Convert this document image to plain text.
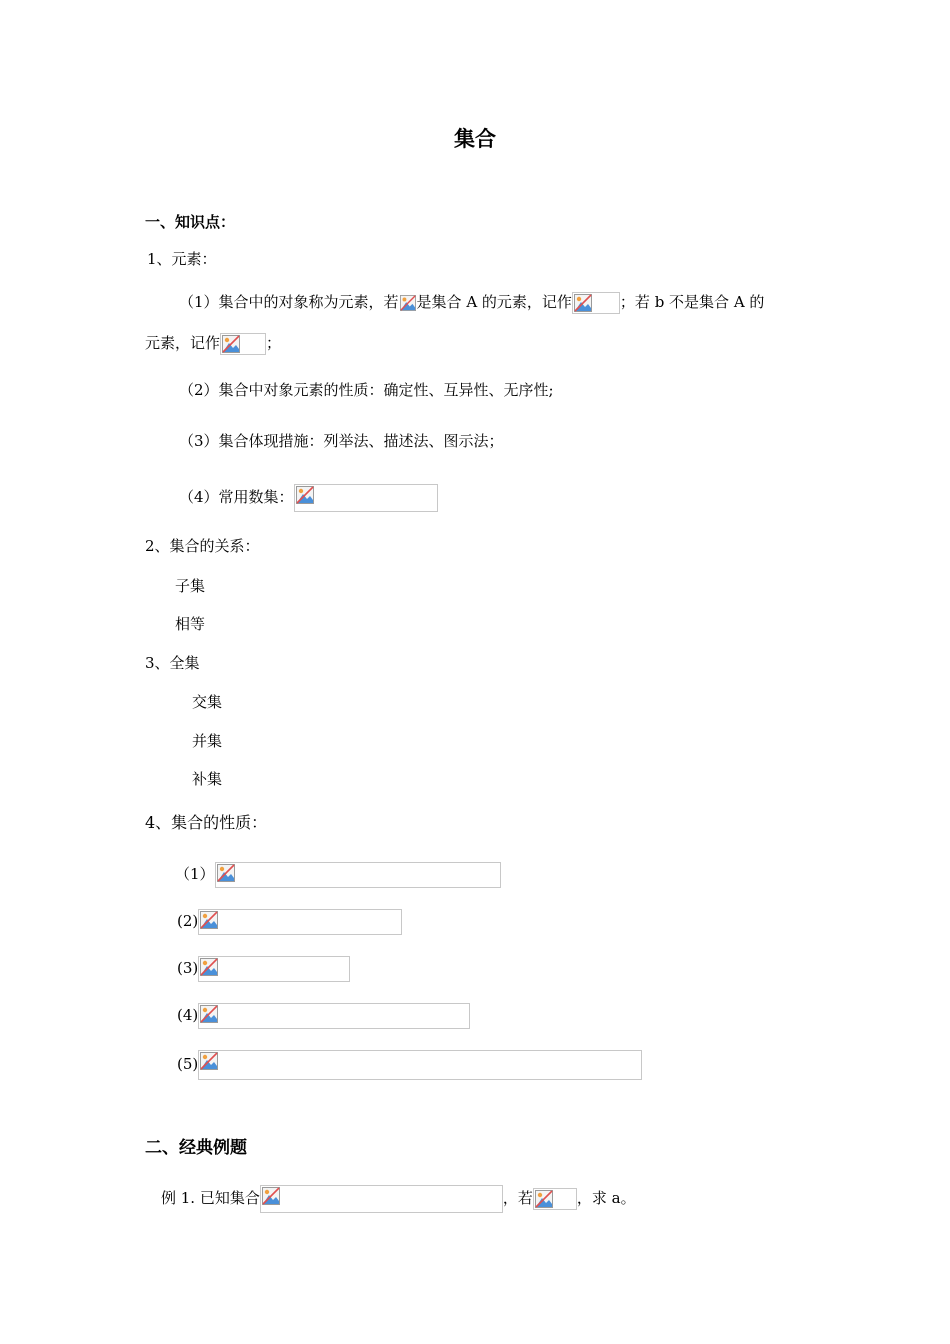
集合
一、知识点：
1、元素：
（1）集合中的对象称为元素，若 是集合 A 的元素，记作	；若 b 不是集合 A 的
元素，记作	；
（2）集合中对象元素的性质：确定性、互异性、无序性;
（3）集合体现措施：列举法、描述法、图示法；
（4）常用数集：
2、集合的关系：
子集
相等
3、全集
交集
并集
补集
4、集合的性质：
（1）
(2)
(3)
(4)
(5)
二、经典例题
例 1. 已知集合	，若	，求 a。
